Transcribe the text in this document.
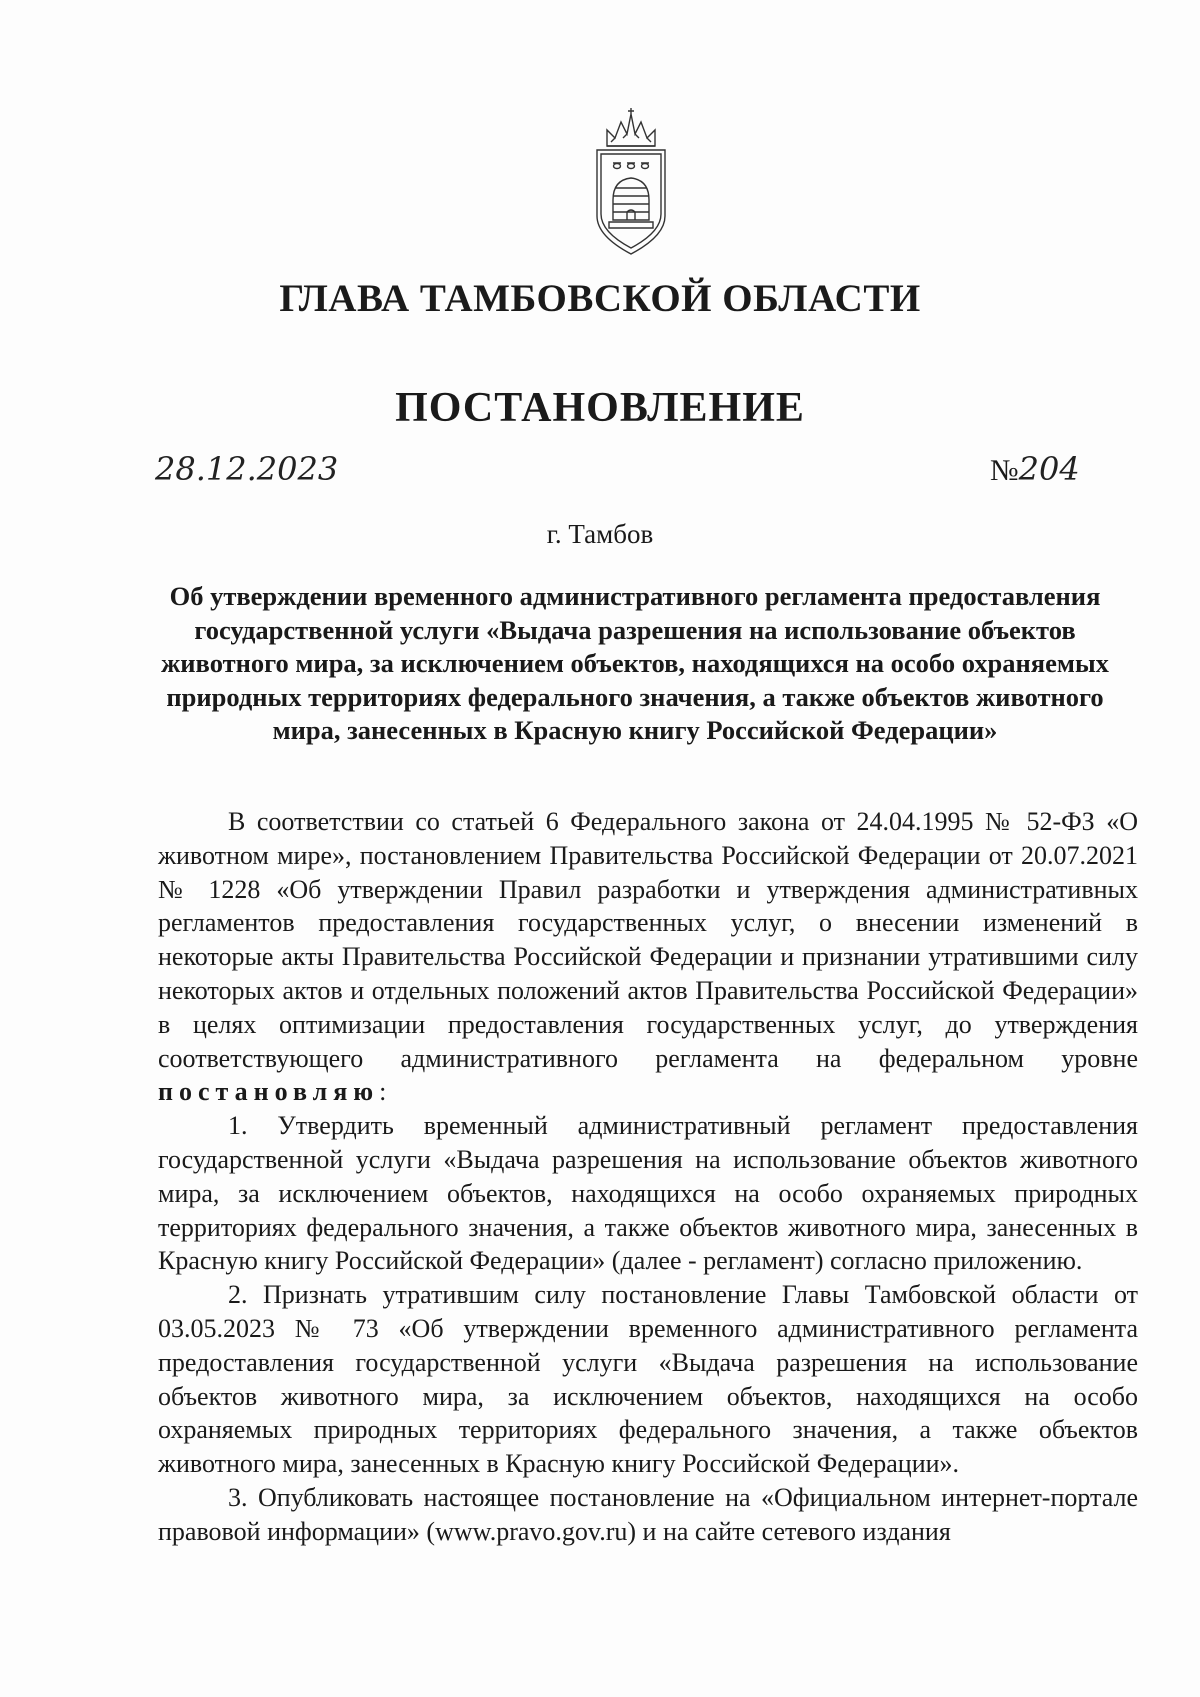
ГЛАВА ТАМБОВСКОЙ ОБЛАСТИ
ПОСТАНОВЛЕНИЕ
28.12.2023	№204
г. Тамбов
Об утверждении временного административного регламента предоставления государственной услуги «Выдача разрешения на использование объектов животного мира, за исключением объектов, находящихся на особо охраняемых природных территориях федерального значения, а также объектов животного мира, занесенных в Красную книгу Российской Федерации»

В соответствии со статьей 6 Федерального закона от 24.04.1995 № 52-ФЗ «О животном мире», постановлением Правительства Российской Федерации от 20.07.2021 № 1228 «Об утверждении Правил разработки и утверждения административных регламентов предоставления государственных услуг, о внесении изменений в некоторые акты Правительства Российской Федерации и признании утратившими силу некоторых актов и отдельных положений актов Правительства Российской Федерации» в целях оптимизации предоставления государственных услуг, до утверждения соответствующего административного регламента на федеральном уровне постановляю:

1. Утвердить временный административный регламент предоставления государственной услуги «Выдача разрешения на использование объектов животного мира, за исключением объектов, находящихся на особо охраняемых природных территориях федерального значения, а также объектов животного мира, занесенных в Красную книгу Российской Федерации» (далее - регламент) согласно приложению.

2. Признать утратившим силу постановление Главы Тамбовской области от 03.05.2023 № 73 «Об утверждении временного административного регламента предоставления государственной услуги «Выдача разрешения на использование объектов животного мира, за исключением объектов, находящихся на особо охраняемых природных территориях федерального значения, а также объектов животного мира, занесенных в Красную книгу Российской Федерации».

3. Опубликовать настоящее постановление на «Официальном интернет-портале правовой информации» (www.pravo.gov.ru) и на сайте сетевого издания
